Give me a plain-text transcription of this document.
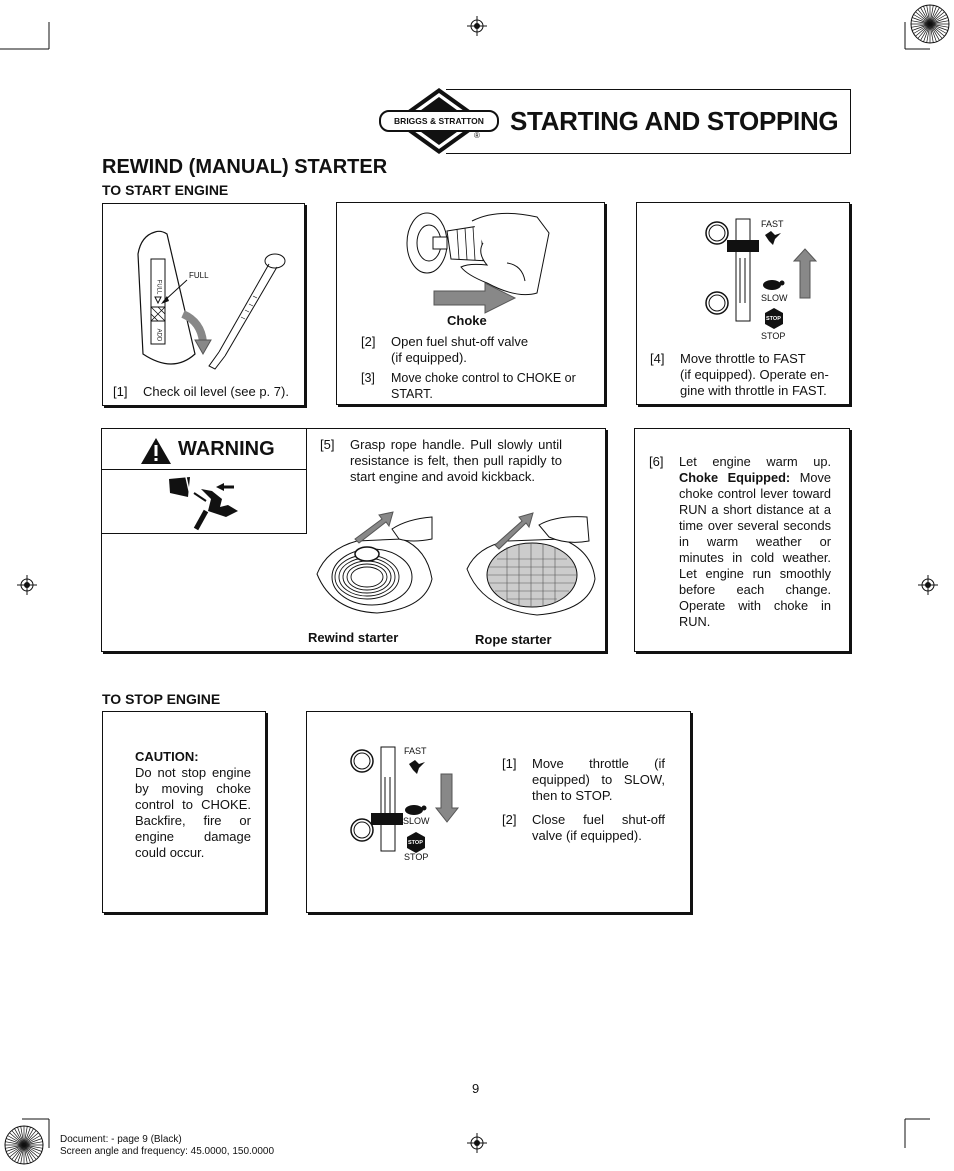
STARTING AND STOPPING
BRIGGS & STRATTON
®
REWIND (MANUAL) STARTER
TO START ENGINE
FULL
FULL
ADD
[1] Check oil level (see p. 7).
Choke
[2] Open fuel shut-off valve
(if equipped).
[3] Move choke control to CHOKE or
START.
FAST
SLOW
STOP
STOP
[4] Move throttle to FAST
(if equipped). Operate en-
gine with throttle in FAST.
WARNING	[5] Grasp rope handle. Pull slowly until resistance is felt, then pull rapidly to start engine and avoid kickback.
Rewind starter	Rope starter
[6] Let engine warm up. Choke Equipped: Move choke control lever toward RUN a short distance at a time over several seconds in warm weather or minutes in cold weather. Let engine run smoothly before each change. Operate with choke in RUN.
TO STOP ENGINE
CAUTION:
Do not stop engine by moving choke control to CHOKE. Backfire, fire or engine damage could occur.
FAST
SLOW
STOP
STOP
[1] Move throttle (if equipped) to SLOW, then to STOP.
[2] Close fuel shut-off valve (if equipped).
9
Document: - page 9 (Black)
Screen angle and frequency: 45.0000, 150.0000
